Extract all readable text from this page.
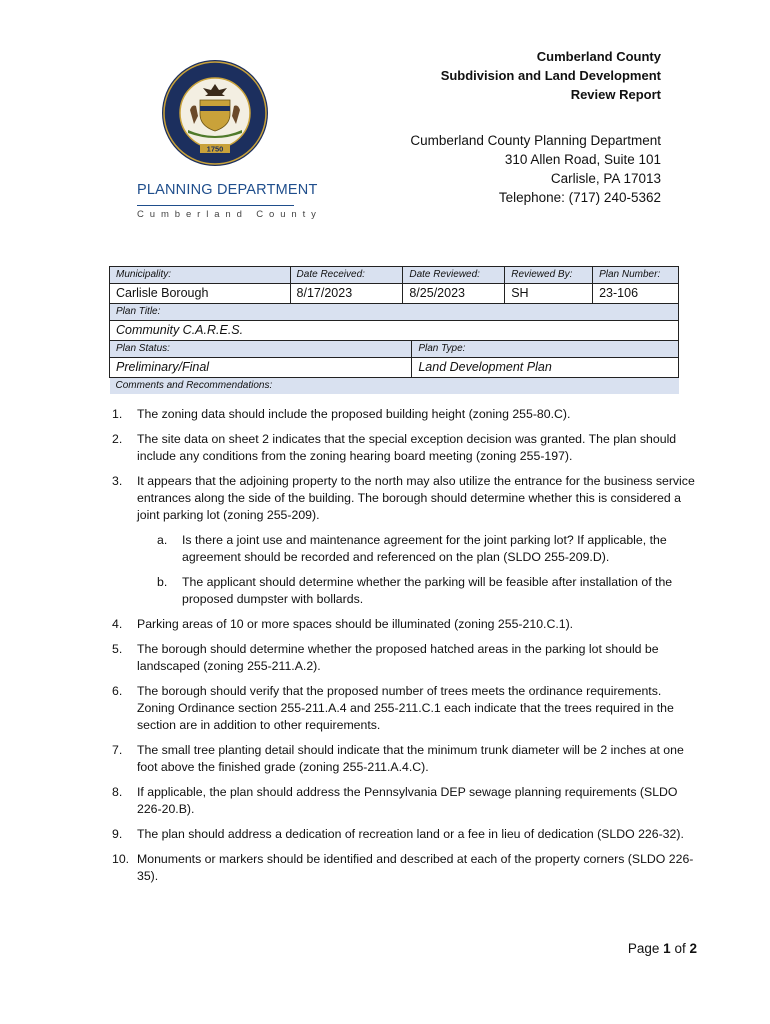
1750
PLANNING DEPARTMENT
Cumberland County
Cumberland County
Subdivision and Land Development
Review Report
Cumberland County Planning Department
310 Allen Road, Suite 101
Carlisle, PA 17013
Telephone: (717) 240-5362
Municipality:	Date Received:	Date Reviewed:		Reviewed By:	Plan Number:
Carlisle Borough	8/17/2023	8/25/2023		SH	23-106
Plan Title:					
Community C.A.R.E.S.					
Plan Status:			Plan Type:		
Preliminary/Final			Land Development Plan		
Comments and Recommendations:					
1. The zoning data should include the proposed building height (zoning 255-80.C).
2. The site data on sheet 2 indicates that the special exception decision was granted. The plan should include any conditions from the zoning hearing board meeting (zoning 255-197).
3. It appears that the adjoining property to the north may also utilize the entrance for the business service entrances along the side of the building. The borough should determine whether this is considered a joint parking lot (zoning 255-209).
a. Is there a joint use and maintenance agreement for the joint parking lot? If applicable, the agreement should be recorded and referenced on the plan (SLDO 255-209.D).
b. The applicant should determine whether the parking will be feasible after installation of the proposed dumpster with bollards.
4. Parking areas of 10 or more spaces should be illuminated (zoning 255-210.C.1).
5. The borough should determine whether the proposed hatched areas in the parking lot should be landscaped (zoning 255-211.A.2).
6. The borough should verify that the proposed number of trees meets the ordinance requirements. Zoning Ordinance section 255-211.A.4 and 255-211.C.1 each indicate that the trees required in the section are in addition to other requirements.
7. The small tree planting detail should indicate that the minimum trunk diameter will be 2 inches at one foot above the finished grade (zoning 255-211.A.4.C).
8. If applicable, the plan should address the Pennsylvania DEP sewage planning requirements (SLDO 226-20.B).
9. The plan should address a dedication of recreation land or a fee in lieu of dedication (SLDO 226-32).
10. Monuments or markers should be identified and described at each of the property corners (SLDO 226-35).
Page 1 of 2
